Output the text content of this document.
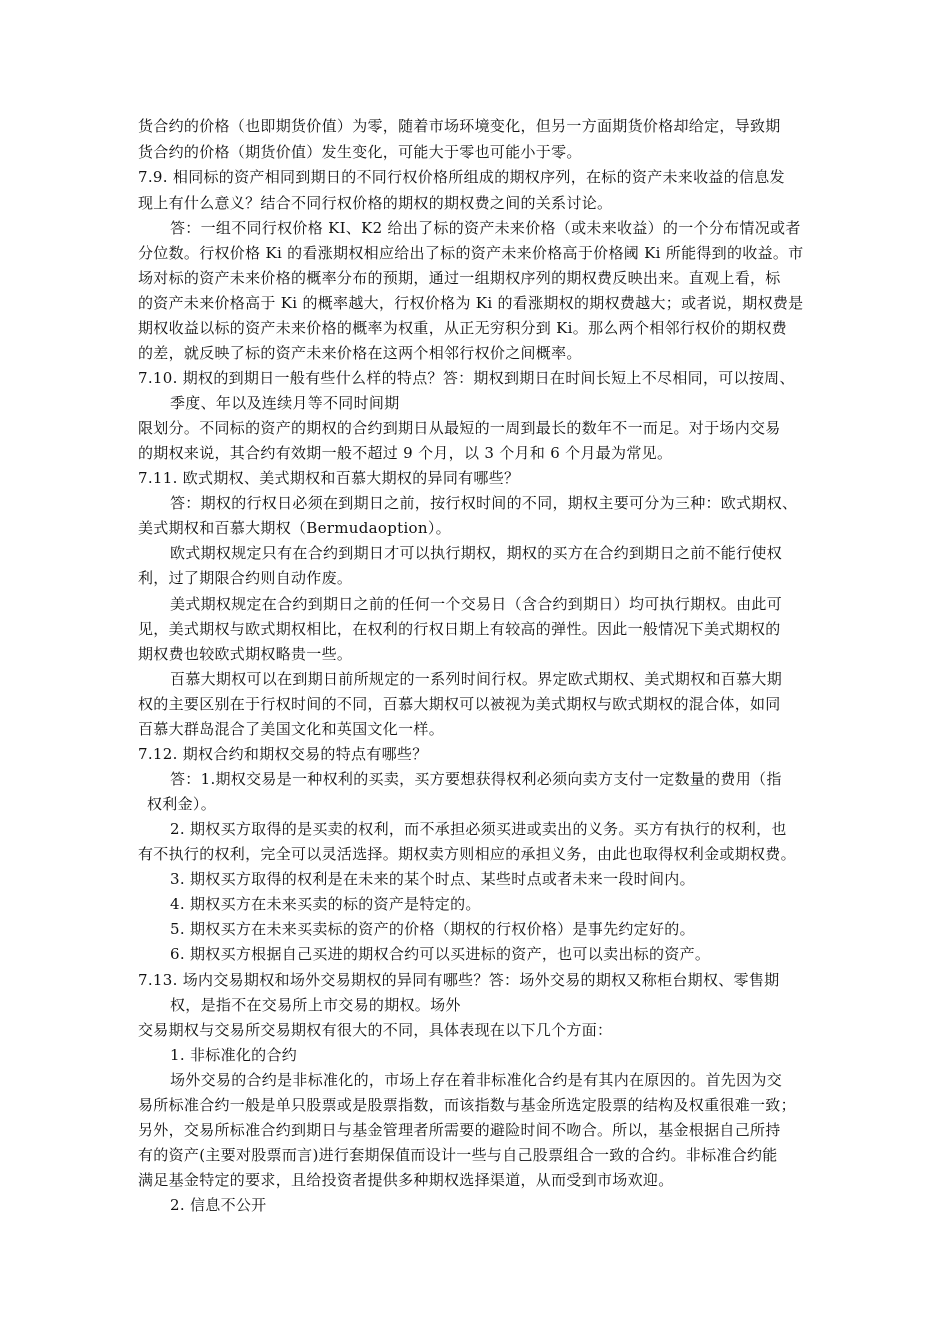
货合约的价格（也即期货价值）为零，随着市场环境变化，但另一方面期货价格却给定，导致期
货合约的价格（期货价值）发生变化，可能大于零也可能小于零。
7.9. 相同标的资产相同到期日的不同行权价格所组成的期权序列，在标的资产未来收益的信息发
现上有什么意义？结合不同行权价格的期权的期权费之间的关系讨论。
答：一组不同行权价格 KI、K2 给出了标的资产未来价格（或未来收益）的一个分布情况或者
分位数。行权价格 Ki 的看涨期权相应给出了标的资产未来价格高于价格阈 Ki 所能得到的收益。市
场对标的资产未来价格的概率分布的预期，通过一组期权序列的期权费反映出来。直观上看，标
的资产未来价格高于 Ki 的概率越大，行权价格为 Ki 的看涨期权的期权费越大；或者说，期权费是
期权收益以标的资产未来价格的概率为权重，从正无穷积分到 Ki。那么两个相邻行权价的期权费
的差，就反映了标的资产未来价格在这两个相邻行权价之间概率。
7.10. 期权的到期日一般有些什么样的特点？答：期权到期日在时间长短上不尽相同，可以按周、
季度、年以及连续月等不同时间期
限划分。不同标的资产的期权的合约到期日从最短的一周到最长的数年不一而足。对于场内交易
的期权来说，其合约有效期一般不超过 9 个月，以 3 个月和 6 个月最为常见。
7.11. 欧式期权、美式期权和百慕大期权的异同有哪些？
答：期权的行权日必须在到期日之前，按行权时间的不同，期权主要可分为三种：欧式期权、
美式期权和百慕大期权（Bermudaoption）。
欧式期权规定只有在合约到期日才可以执行期权，期权的买方在合约到期日之前不能行使权
利，过了期限合约则自动作废。
美式期权规定在合约到期日之前的任何一个交易日（含合约到期日）均可执行期权。由此可
见，美式期权与欧式期权相比，在权利的行权日期上有较高的弹性。因此一般情况下美式期权的
期权费也较欧式期权略贵一些。
百慕大期权可以在到期日前所规定的一系列时间行权。界定欧式期权、美式期权和百慕大期
权的主要区别在于行权时间的不同，百慕大期权可以被视为美式期权与欧式期权的混合体，如同
百慕大群岛混合了美国文化和英国文化一样。
7.12. 期权合约和期权交易的特点有哪些？
答：1.期权交易是一种权利的买卖，买方要想获得权利必须向卖方支付一定数量的费用（指
权利金）。
2. 期权买方取得的是买卖的权利，而不承担必须买进或卖出的义务。买方有执行的权利，也
有不执行的权利，完全可以灵活选择。期权卖方则相应的承担义务，由此也取得权利金或期权费。
3. 期权买方取得的权利是在未来的某个时点、某些时点或者未来一段时间内。
4. 期权买方在未来买卖的标的资产是特定的。
5. 期权买方在未来买卖标的资产的价格（期权的行权价格）是事先约定好的。
6. 期权买方根据自己买进的期权合约可以买进标的资产，也可以卖出标的资产。
7.13. 场内交易期权和场外交易期权的异同有哪些？答：场外交易的期权又称柜台期权、零售期
权，是指不在交易所上市交易的期权。场外
交易期权与交易所交易期权有很大的不同，具体表现在以下几个方面：
1. 非标准化的合约
场外交易的合约是非标准化的，市场上存在着非标准化合约是有其内在原因的。首先因为交
易所标准合约一般是单只股票或是股票指数，而该指数与基金所选定股票的结构及权重很难一致；
另外，交易所标准合约到期日与基金管理者所需要的避险时间不吻合。所以，基金根据自己所持
有的资产(主要对股票而言)进行套期保值而设计一些与自己股票组合一致的合约。非标准合约能
满足基金特定的要求，且给投资者提供多种期权选择渠道，从而受到市场欢迎。
2. 信息不公开
